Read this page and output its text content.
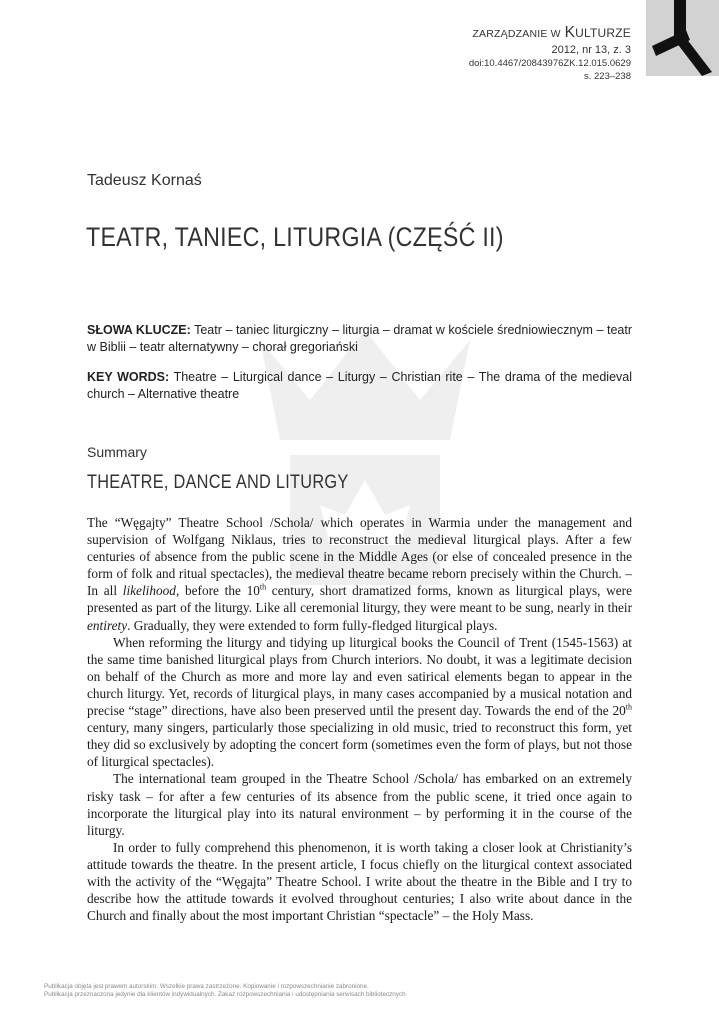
ZARZĄDZANIE W KULTURZE
2012, nr 13, z. 3
doi:10.4467/20843976ZK.12.015.0629
s. 223–238
Tadeusz Kornaś
TEATR, TANIEC, LITURGIA (CZĘŚĆ II)
SŁOWA KLUCZE: Teatr – taniec liturgiczny – liturgia – dramat w kościele średniowiecznym – teatr w Biblii – teatr alternatywny – chorał gregoriański
KEY WORDS: Theatre – Liturgical dance – Liturgy – Christian rite – The drama of the medieval church – Alternative theatre
Summary
THEATRE, DANCE AND LITURGY

The “Węgajty” Theatre School /Schola/ which operates in Warmia under the management and supervision of Wolfgang Niklaus, tries to reconstruct the medieval liturgical plays. After a few centuries of absence from the public scene in the Middle Ages (or else of concealed presence in the form of folk and ritual spectacles), the medieval theatre became reborn precisely within the Church. – In all likelihood, before the 10th century, short dramatized forms, known as liturgical plays, were presented as part of the liturgy. Like all ceremonial liturgy, they were meant to be sung, nearly in their entirety. Gradually, they were extended to form fully-fledged liturgical plays.

When reforming the liturgy and tidying up liturgical books the Council of Trent (1545-1563) at the same time banished liturgical plays from Church interiors. No doubt, it was a legitimate decision on behalf of the Church as more and more lay and even satirical elements began to appear in the church liturgy. Yet, records of liturgical plays, in many cases accompanied by a musical notation and precise “stage” directions, have also been preserved until the present day. Towards the end of the 20th century, many singers, particularly those specializing in old music, tried to reconstruct this form, yet they did so exclusively by adopting the concert form (sometimes even the form of plays, but not those of liturgical spectacles).

The international team grouped in the Theatre School /Schola/ has embarked on an extremely risky task – for after a few centuries of its absence from the public scene, it tried once again to incorporate the liturgical play into its natural environment – by performing it in the course of the liturgy.

In order to fully comprehend this phenomenon, it is worth taking a closer look at Christianity’s attitude towards the theatre. In the present article, I focus chiefly on the liturgical context associated with the activity of the “Węgajta” Theatre School. I write about the theatre in the Bible and I try to describe how the attitude towards it evolved throughout centuries; I also write about dance in the Church and finally about the most important Christian “spectacle” – the Holy Mass.

Publikacja objęta jest prawem autorskim. Wszelkie prawa zastrzeżone. Kopiowanie i rozpowszechnianie zabronione.
Publikacja przeznaczona jedynie dla klientów indywidualnych. Zakaz rozpowszechniania i udostępniania serwisach bibliotecznych
